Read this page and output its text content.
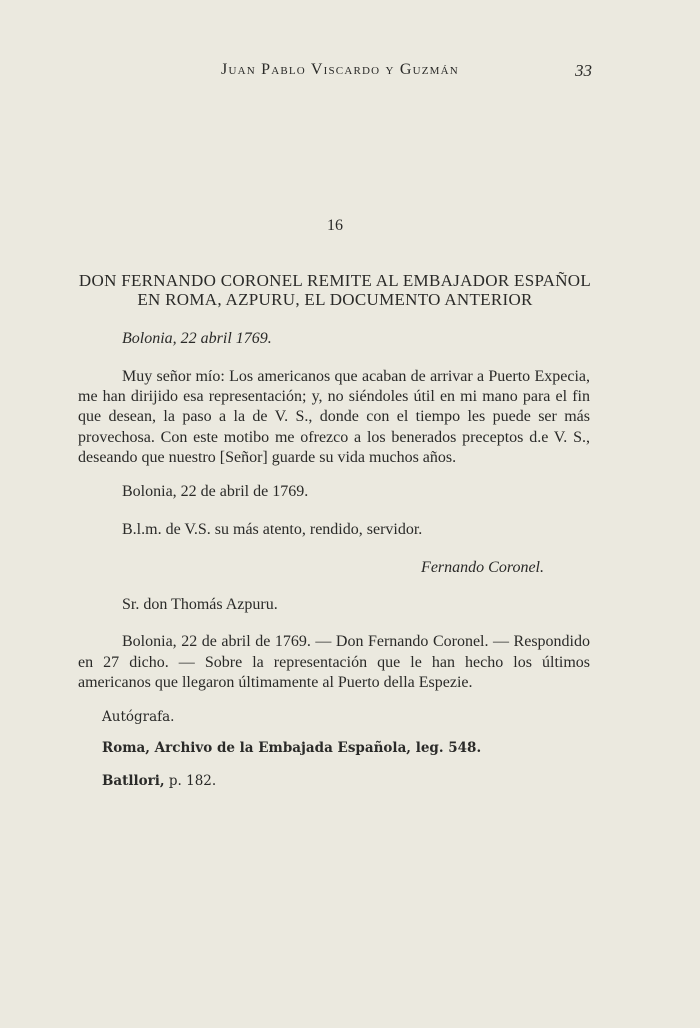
Juan Pablo Viscardo y Guzmán	33
16
DON FERNANDO CORONEL REMITE AL EMBAJADOR ESPAÑOL
EN ROMA, AZPURU, EL DOCUMENTO ANTERIOR
Bolonia, 22 abril 1769.

Muy señor mío: Los americanos que acaban de arrivar a Puerto Expecia, me han dirijido esa representación; y, no siéndoles útil en mi mano para el fin que desean, la paso a la de V. S., donde con el tiempo les puede ser más provechosa. Con este motibo me ofrezco a los benerados preceptos d.e V. S., deseando que nuestro [Señor] guarde su vida muchos años.

Bolonia, 22 de abril de 1769.
B.l.m. de V.S. su más atento, rendido, servidor.
Fernando Coronel.
Sr. don Thomás Azpuru.

Bolonia, 22 de abril de 1769. — Don Fernando Coronel. — Respondido en 27 dicho. — Sobre la representación que le han hecho los últimos americanos que llegaron últimamente al Puerto della Espezie.

Autógrafa.
Roma, Archivo de la Embajada Española, leg. 548.
Batllori, p. 182.
